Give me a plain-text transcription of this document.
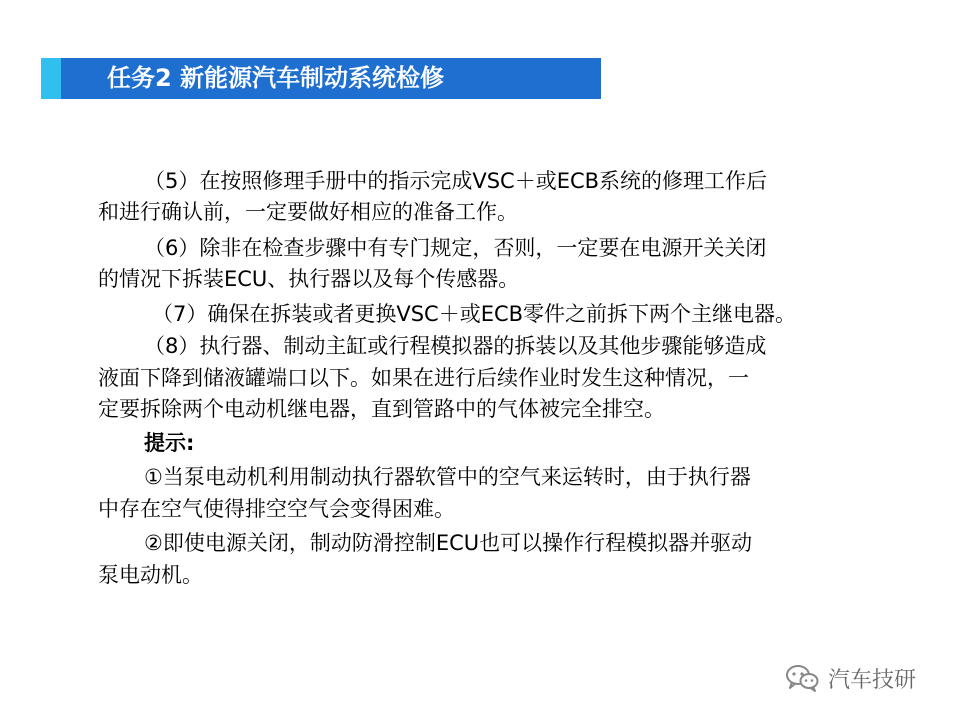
任务2 新能源汽车制动系统检修
（5）在按照修理手册中的指示完成VSC＋或ECB系统的修理工作后
和进行确认前，一定要做好相应的准备工作。
（6）除非在检查步骤中有专门规定，否则，一定要在电源开关关闭
的情况下拆装ECU、执行器以及每个传感器。
（7）确保在拆装或者更换VSC＋或ECB零件之前拆下两个主继电器。
（8）执行器、制动主缸或行程模拟器的拆装以及其他步骤能够造成
液面下降到储液罐端口以下。如果在进行后续作业时发生这种情况，一
定要拆除两个电动机继电器，直到管路中的气体被完全排空。
提示:
①当泵电动机利用制动执行器软管中的空气来运转时，由于执行器
中存在空气使得排空空气会变得困难。
②即使电源关闭，制动防滑控制ECU也可以操作行程模拟器并驱动
泵电动机。
汽车技研
